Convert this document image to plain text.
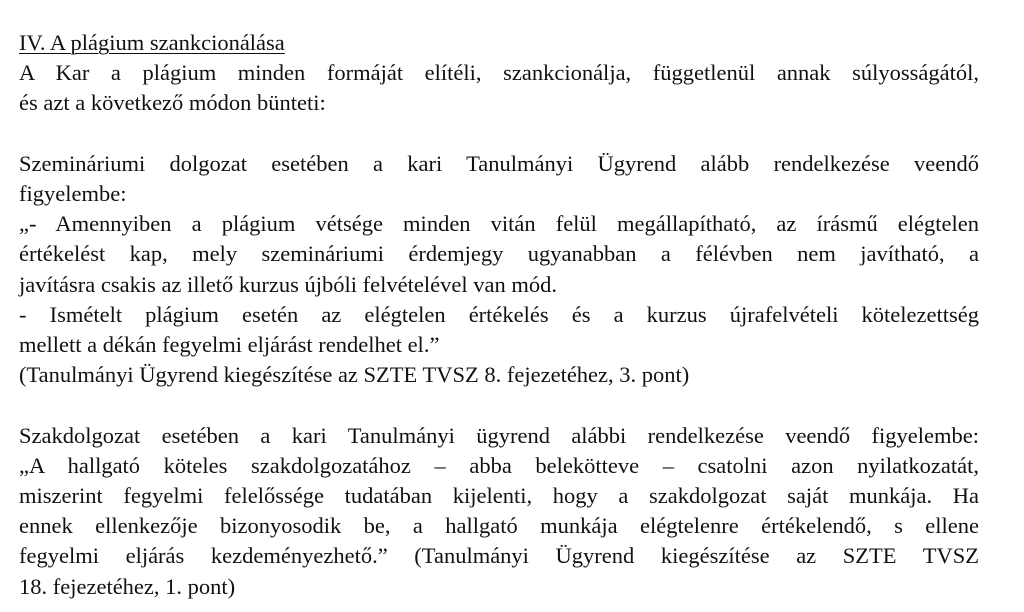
IV. A plágium szankcionálása
A Kar a plágium minden formáját elítéli, szankcionálja, függetlenül annak súlyosságától,
és azt a következő módon bünteti:
Szemináriumi dolgozat esetében a kari Tanulmányi Ügyrend alább rendelkezése veendő
figyelembe:
„- Amennyiben a plágium vétsége minden vitán felül megállapítható, az írásmű elégtelen
értékelést kap, mely szemináriumi érdemjegy ugyanabban a félévben nem javítható, a
javításra csakis az illető kurzus újbóli felvételével van mód.
- Ismételt plágium esetén az elégtelen értékelés és a kurzus újrafelvételi kötelezettség
mellett a dékán fegyelmi eljárást rendelhet el.”
(Tanulmányi Ügyrend kiegészítése az SZTE TVSZ 8. fejezetéhez, 3. pont)
Szakdolgozat esetében a kari Tanulmányi ügyrend alábbi rendelkezése veendő figyelembe:
„A hallgató köteles szakdolgozatához – abba belekötteve – csatolni azon nyilatkozatát,
miszerint fegyelmi felelőssége tudatában kijelenti, hogy a szakdolgozat saját munkája. Ha
ennek ellenkezője bizonyosodik be, a hallgató munkája elégtelenre értékelendő, s ellene
fegyelmi eljárás kezdeményezhető.” (Tanulmányi Ügyrend kiegészítése az SZTE TVSZ
18. fejezetéhez, 1. pont)
